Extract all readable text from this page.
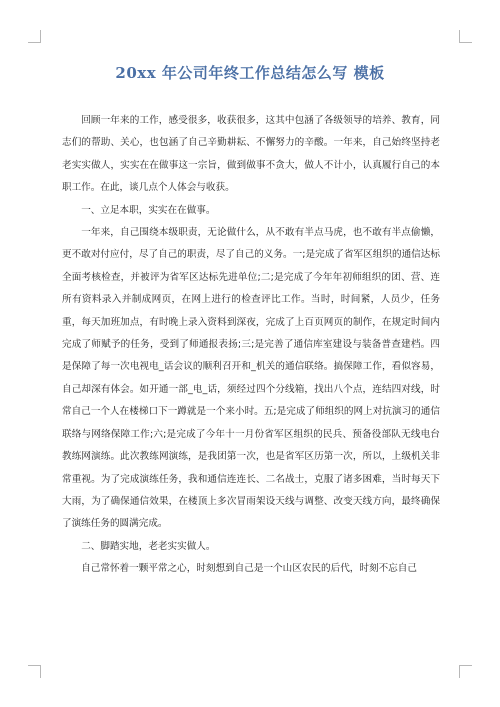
20xx 年公司年终工作总结怎么写 模板

回顾一年来的工作，感受很多，收获很多，这其中包涵了各级领导的培养、教育，同志们的帮助、关心，也包涵了自己辛勤耕耘、不懈努力的辛酸。一年来，自己始终坚持老老实实做人，实实在在做事这一宗旨，做到做事不贪大，做人不计小，认真履行自己的本职工作。在此，谈几点个人体会与收获。

一、立足本职，实实在在做事。

一年来，自己围绕本级职责，无论做什么，从不敢有半点马虎，也不敢有半点偷懒，更不敢对付应付，尽了自己的职责，尽了自己的义务。一;是完成了省军区组织的通信达标全面考核检查，并被评为省军区达标先进单位;二;是完成了今年年初师组织的团、营、连所有资料录入并制成网页，在网上进行的检查评比工作。当时，时间紧，人员少，任务重，每天加班加点，有时晚上录入资料到深夜，完成了上百页网页的制作，在规定时间内完成了师赋予的任务，受到了师通报表扬;三;是完善了通信库室建设与装备普查建档。四是保障了每一次电视电_话会议的顺利召开和_机关的通信联络。搞保障工作，看似容易，自己却深有体会。如开通一部_电_话，须经过四个分线箱，找出八个点，连结四对线，时常自己一个人在楼梯口下一蹲就是一个来小时。五;是完成了师组织的网上对抗演习的通信联络与网络保障工作;六;是完成了今年十一月份省军区组织的民兵、预备役部队无线电台教练网演练。此次教练网演练，是我团第一次，也是省军区历第一次，所以，上级机关非常重视。为了完成演练任务，我和通信连连长、二名战士，克服了诸多困难，当时每天下大雨，为了确保通信效果，在楼顶上多次冒雨架设天线与调整、改变天线方向，最终确保了演练任务的圆满完成。

二、脚踏实地，老老实实做人。

自己常怀着一颗平常之心，时刻想到自己是一个山区农民的后代，时刻不忘自己
